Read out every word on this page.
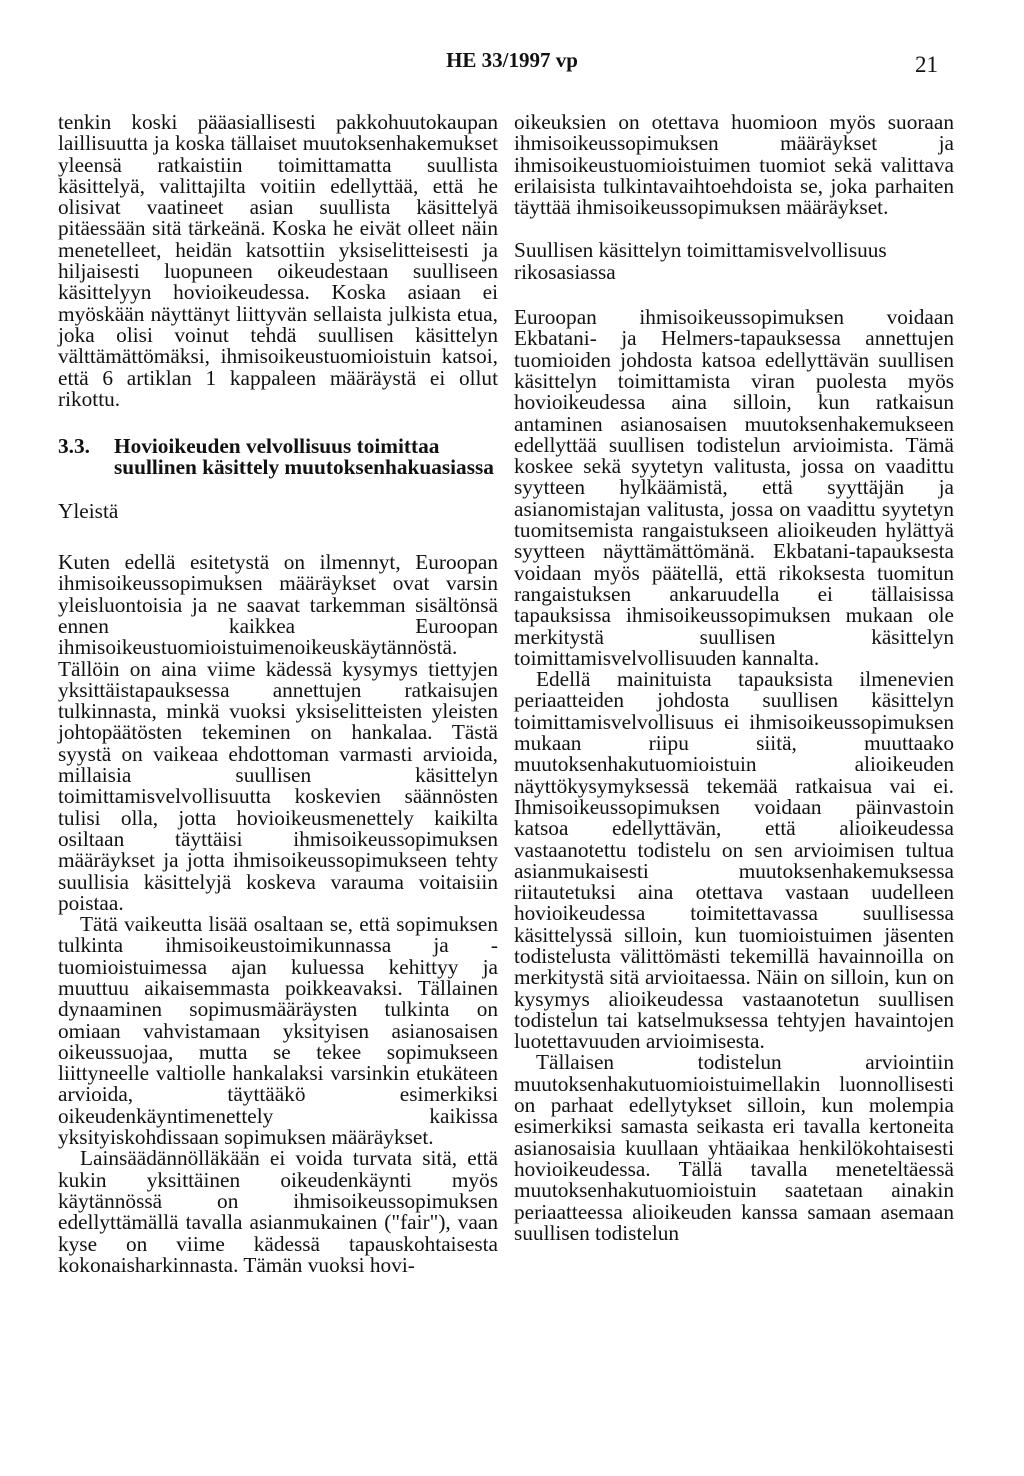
HE 33/1997 vp	21

tenkin koski pääasiallisesti pakkohuutokaupan laillisuutta ja koska tällaiset muutoksenhakemukset yleensä ratkaistiin toimittamatta suullista käsittelyä, valittajilta voitiin edellyttää, että he olisivat vaatineet asian suullista käsittelyä pitäessään sitä tärkeänä. Koska he eivät olleet näin menetelleet, heidän katsottiin yksiselitteisesti ja hiljaisesti luopuneen oikeudestaan suulliseen käsittelyyn hovioikeudessa. Koska asiaan ei myöskään näyttänyt liittyvän sellaista julkista etua, joka olisi voinut tehdä suullisen käsittelyn välttämättömäksi, ihmisoikeustuomioistuin katsoi, että 6 artiklan 1 kappaleen määräystä ei ollut rikottu.

3.3.	Hovioikeuden velvollisuus toimittaa suullinen käsittely muutoksenhakuasiassa
Yleistä

Kuten edellä esitetystä on ilmennyt, Euroopan ihmisoikeussopimuksen määräykset ovat varsin yleisluontoisia ja ne saavat tarkemman sisältönsä ennen kaikkea Euroopan ihmisoikeustuomioistuimenoikeuskäytännöstä. Tällöin on aina viime kädessä kysymys tiettyjen yksittäistapauksessa annettujen ratkaisujen tulkinnasta, minkä vuoksi yksiselitteisten yleisten johtopäätösten tekeminen on hankalaa. Tästä syystä on vaikeaa ehdottoman varmasti arvioida, millaisia suullisen käsittelyn toimittamisvelvollisuutta koskevien säännösten tulisi olla, jotta hovioikeusmenettely kaikilta osiltaan täyttäisi ihmisoikeussopimuksen määräykset ja jotta ihmisoikeussopimukseen tehty suullisia käsittelyjä koskeva varauma voitaisiin poistaa.

Tätä vaikeutta lisää osaltaan se, että sopimuksen tulkinta ihmisoikeustoimikunnassa ja -tuomioistuimessa ajan kuluessa kehittyy ja muuttuu aikaisemmasta poikkeavaksi. Tällainen dynaaminen sopimusmääräysten tulkinta on omiaan vahvistamaan yksityisen asianosaisen oikeussuojaa, mutta se tekee sopimukseen liittyneelle valtiolle hankalaksi varsinkin etukäteen arvioida, täyttääkö esimerkiksi oikeudenkäyntimenettely kaikissa yksityiskohdissaan sopimuksen määräykset.

Lainsäädännölläkään ei voida turvata sitä, että kukin yksittäinen oikeudenkäynti myös käytännössä on ihmisoikeussopimuksen edellyttämällä tavalla asianmukainen ("fair"), vaan kyse on viime kädessä tapauskohtaisesta kokonaisharkinnasta. Tämän vuoksi hovi-

oikeuksien on otettava huomioon myös suoraan ihmisoikeussopimuksen määräykset ja ihmisoikeustuomioistuimen tuomiot sekä valittava erilaisista tulkintavaihtoehdoista se, joka parhaiten täyttää ihmisoikeussopimuksen määräykset.

Suullisen käsittelyn toimittamisvelvollisuus rikosasiassa

Euroopan ihmisoikeussopimuksen voidaan Ekbatani- ja Helmers-tapauksessa annettujen tuomioiden johdosta katsoa edellyttävän suullisen käsittelyn toimittamista viran puolesta myös hovioikeudessa aina silloin, kun ratkaisun antaminen asianosaisen muutoksenhakemukseen edellyttää suullisen todistelun arvioimista. Tämä koskee sekä syytetyn valitusta, jossa on vaadittu syytteen hylkäämistä, että syyttäjän ja asianomistajan valitusta, jossa on vaadittu syytetyn tuomitsemista rangaistukseen alioikeuden hylättyä syytteen näyttämättömänä. Ekbatani-tapauksesta voidaan myös päätellä, että rikoksesta tuomitun rangaistuksen ankaruudella ei tällaisissa tapauksissa ihmisoikeussopimuksen mukaan ole merkitystä suullisen käsittelyn toimittamisvelvollisuuden kannalta.

Edellä mainituista tapauksista ilmenevien periaatteiden johdosta suullisen käsittelyn toimittamisvelvollisuus ei ihmisoikeussopimuksen mukaan riipu siitä, muuttaako muutoksenhakutuomioistuin alioikeuden näyttökysymyksessä tekemää ratkaisua vai ei. Ihmisoikeussopimuksen voidaan päinvastoin katsoa edellyttävän, että alioikeudessa vastaanotettu todistelu on sen arvioimisen tultua asianmukaisesti muutoksenhakemuksessa riitautetuksi aina otettava vastaan uudelleen hovioikeudessa toimitettavassa suullisessa käsittelyssä silloin, kun tuomioistuimen jäsenten todistelusta välittömästi tekemillä havainnoilla on merkitystä sitä arvioitaessa. Näin on silloin, kun on kysymys alioikeudessa vastaanotetun suullisen todistelun tai katselmuksessa tehtyjen havaintojen luotettavuuden arvioimisesta.

Tällaisen todistelun arviointiin muutoksenhakutuomioistuimellakin luonnollisesti on parhaat edellytykset silloin, kun molempia esimerkiksi samasta seikasta eri tavalla kertoneita asianosaisia kuullaan yhtäaikaa henkilökohtaisesti hovioikeudessa. Tällä tavalla meneteltäessä muutoksenhakutuomioistuin saatetaan ainakin periaatteessa alioikeuden kanssa samaan asemaan suullisen todistelun
